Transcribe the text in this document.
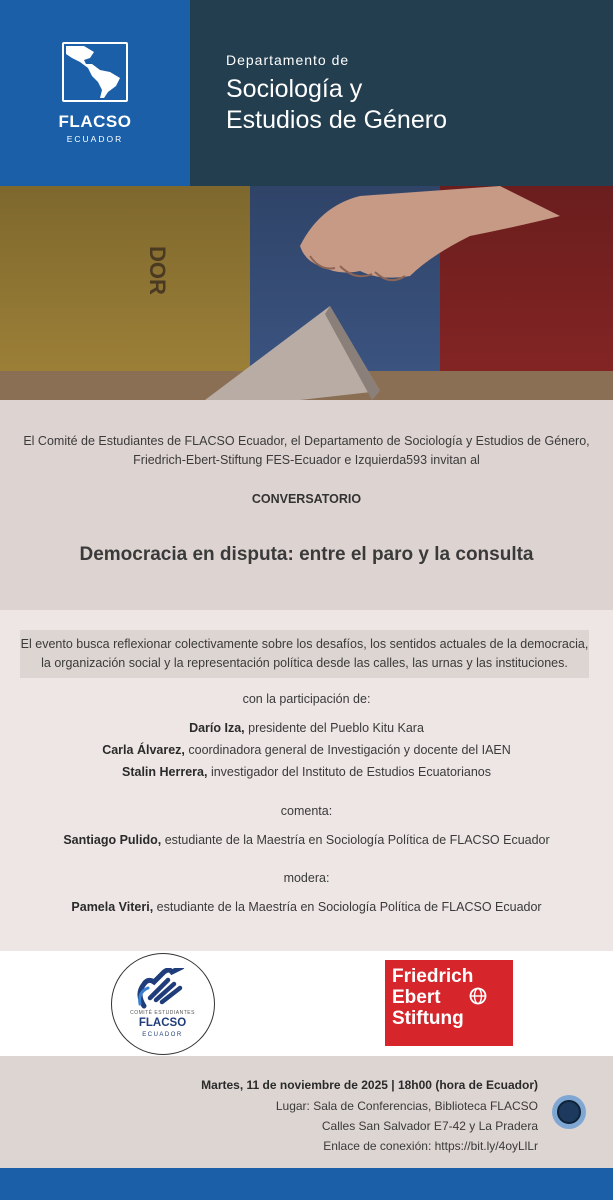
FLACSO
ECUADOR
Departamento de
Sociología y
Estudios de Género
DOR
El Comité de Estudiantes de FLACSO Ecuador, el Departamento de Sociología y Estudios de Género, Friedrich-Ebert-Stiftung FES-Ecuador e Izquierda593 invitan al
CONVERSATORIO
Democracia en disputa: entre el paro y la consulta
El evento busca reflexionar colectivamente sobre los desafíos, los sentidos actuales de la democracia, la organización social y la representación política desde las calles, las urnas y las instituciones.
con la participación de:
Darío Iza, presidente del Pueblo Kitu Kara
Carla Álvarez, coordinadora general de Investigación y docente del IAEN
Stalin Herrera, investigador del Instituto de Estudios Ecuatorianos
comenta:
Santiago Pulido, estudiante de la Maestría en Sociología Política de FLACSO Ecuador
modera:
Pamela Viteri, estudiante de la Maestría en Sociología Política de FLACSO Ecuador
COMITÉ ESTUDIANTES
FLACSO
ECUADOR
Friedrich
Ebert
Stiftung
Martes, 11 de noviembre de 2025 | 18h00 (hora de Ecuador)
Lugar: Sala de Conferencias, Biblioteca FLACSO
Calles San Salvador E7-42 y La Pradera
Enlace de conexión: https://bit.ly/4oyLlLr
